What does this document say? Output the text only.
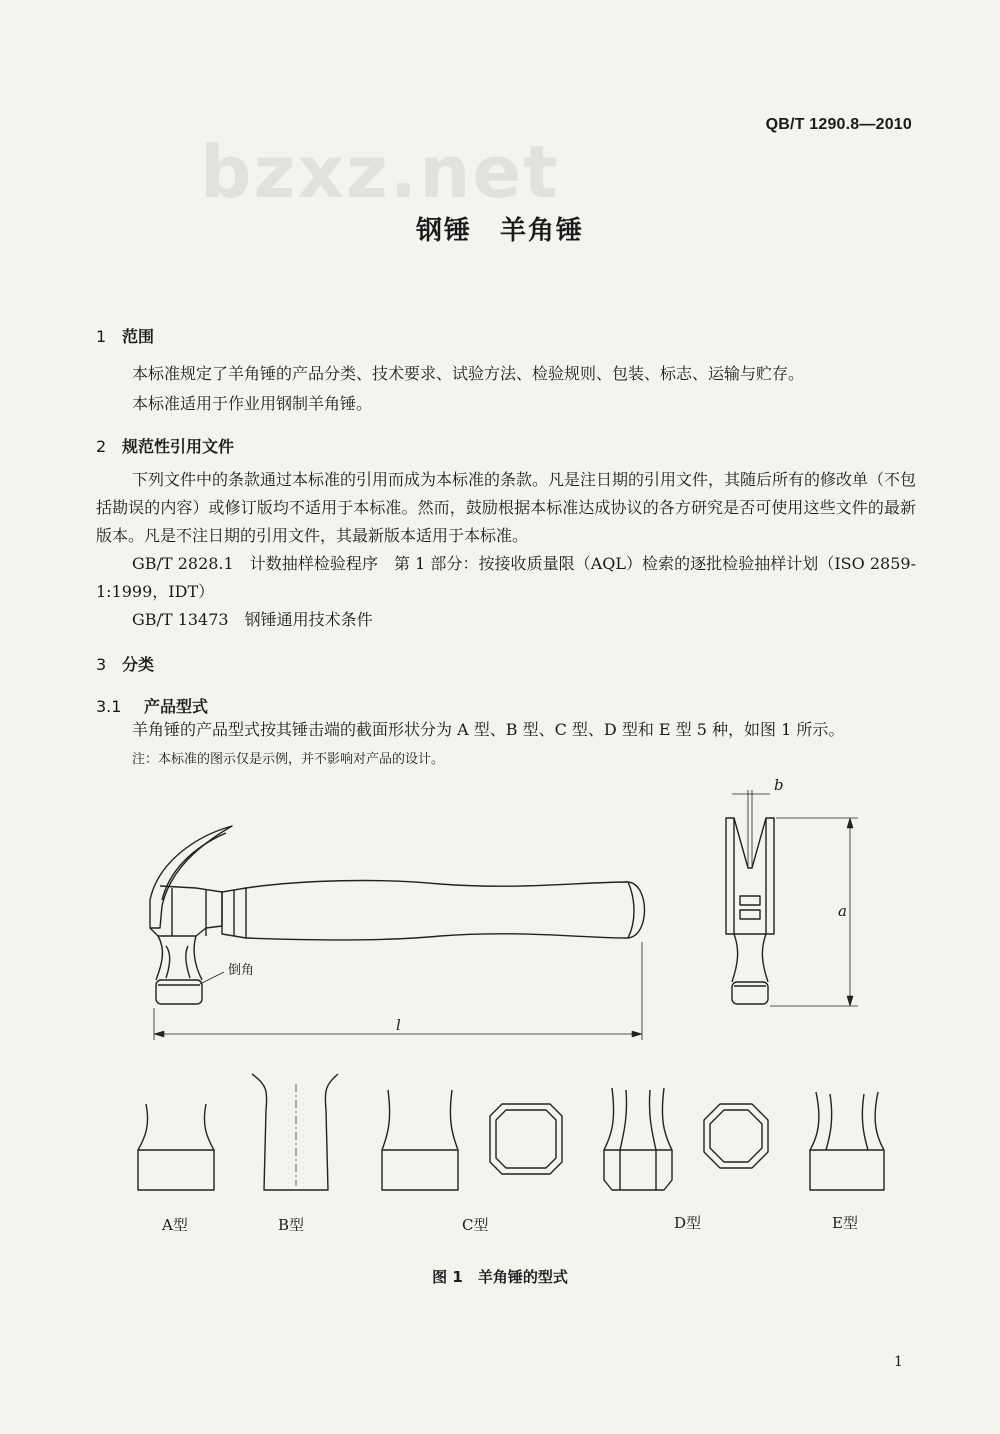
bzxz.net
QB/T 1290.8—2010
钢锤　羊角锤
1 范围
本标准规定了羊角锤的产品分类、技术要求、试验方法、检验规则、包装、标志、运输与贮存。
本标准适用于作业用钢制羊角锤。
2 规范性引用文件
下列文件中的条款通过本标准的引用而成为本标准的条款。凡是注日期的引用文件，其随后所有的修改单（不包括勘误的内容）或修订版均不适用于本标准。然而，鼓励根据本标准达成协议的各方研究是否可使用这些文件的最新版本。凡是不注日期的引用文件，其最新版本适用于本标准。
GB/T 2828.1　计数抽样检验程序　第 1 部分：按接收质量限（AQL）检索的逐批检验抽样计划（ISO 2859-1:1999，IDT）
GB/T 13473　钢锤通用技术条件
3 分类
3.1 产品型式
羊角锤的产品型式按其锤击端的截面形状分为 A 型、B 型、C 型、D 型和 E 型 5 种，如图 1 所示。
注：本标准的图示仅是示例，并不影响对产品的设计。
倒角
l
b
a
A型	B型	C型	D型	E型
图 1　羊角锤的型式
1
